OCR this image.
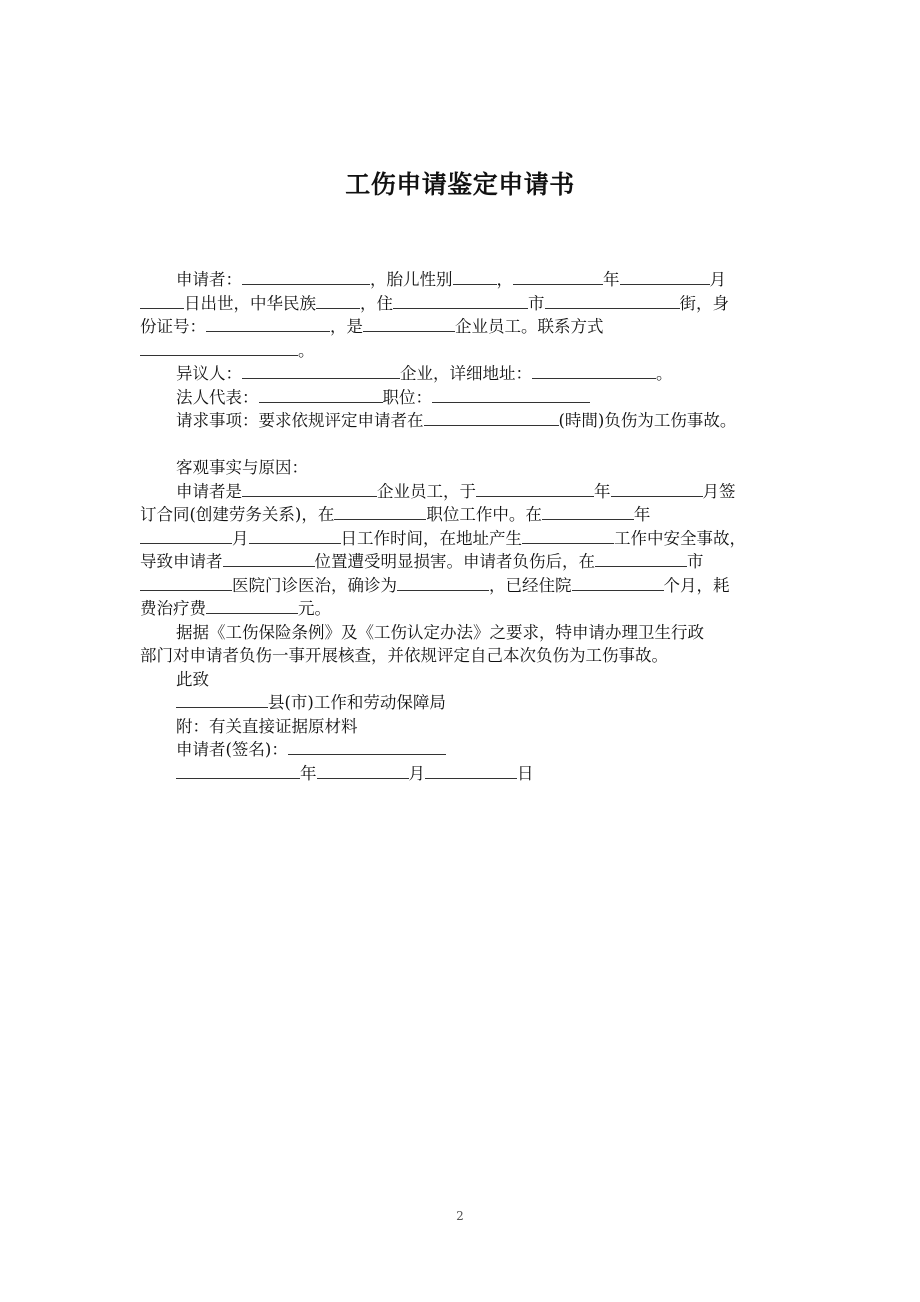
工伤申请鉴定申请书
申请者：	，胎儿性别	，	年	月
日出世，中华民族	，住	市	街，身
份证号：	，是	企业员工。联系方式
。
异议人：	企业，详细地址：	。
法人代表：	职位：
请求事项：要求依规评定申请者在	(時間)负伤为工伤事故。
客观事实与原因：
申请者是	企业员工，于	年	月签
订合同(创建劳务关系)，在	职位工作中。在	年
月	日工作时间，在地址产生	工作中安全事故，
导致申请者	位置遭受明显损害。申请者负伤后，在	市
医院门诊医治，确诊为	，已经住院	个月，耗
费治疗费	元。
据据《工伤保险条例》及《工伤认定办法》之要求，特申请办理卫生行政
部门对申请者负伤一事开展核查，并依规评定自己本次负伤为工伤事故。
此致
县(市)工作和劳动保障局
附：有关直接证据原材料
申请者(签名)：
年	月	日
2
